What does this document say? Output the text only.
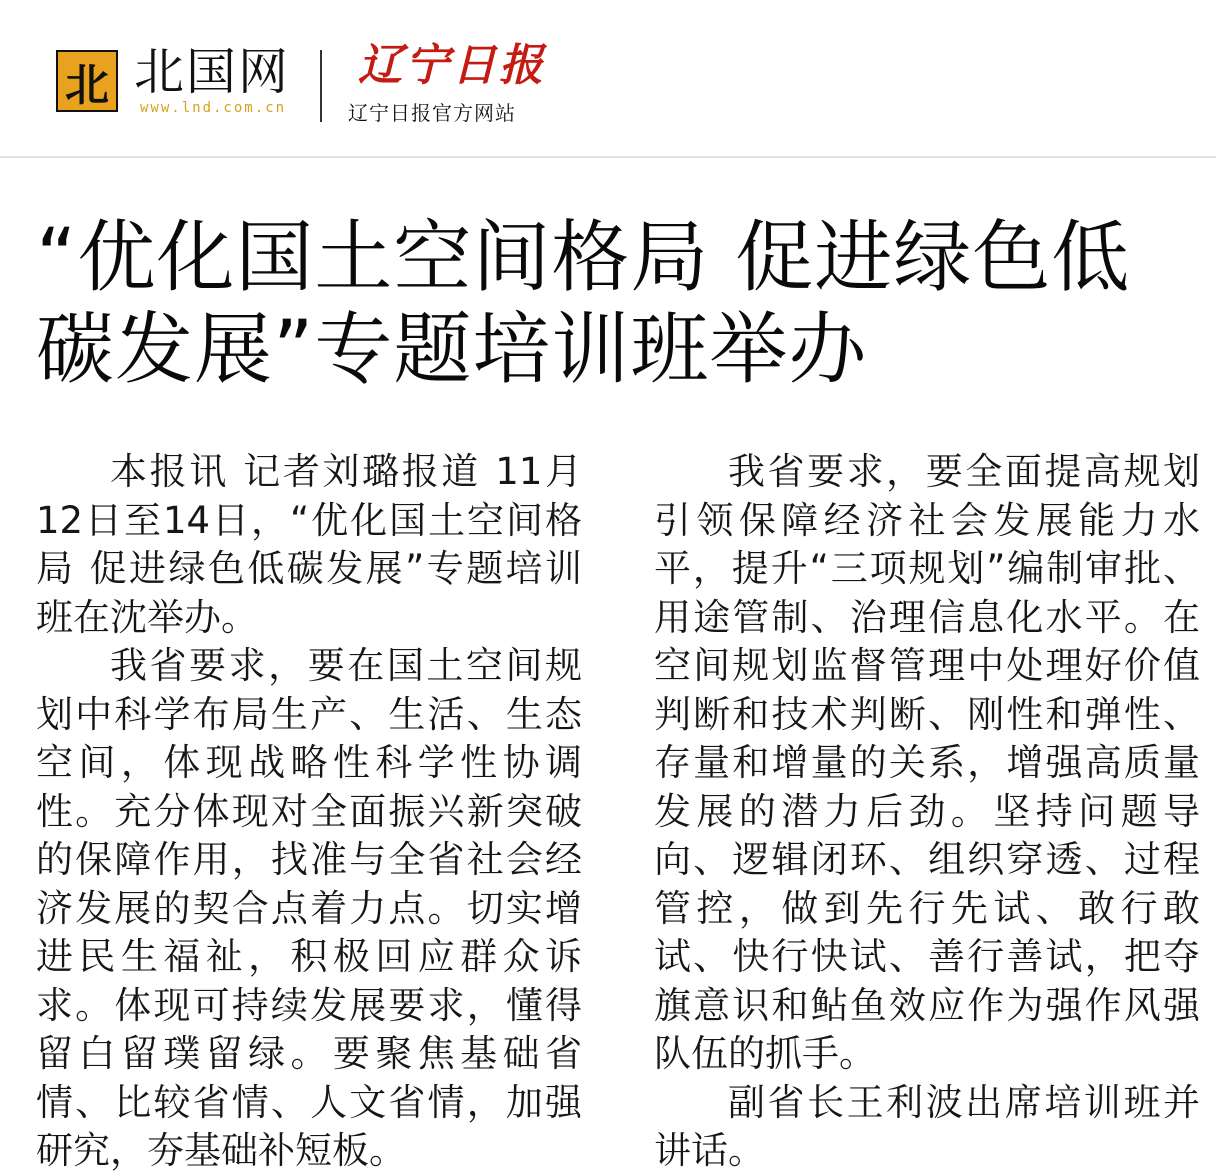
北 北国网
www.lnd.com.cn
辽宁日报
辽宁日报官方网站
“优化国土空间格局 促进绿色低碳发展”专题培训班举办

本报讯 记者刘璐报道 11月12日至14日，“优化国土空间格局 促进绿色低碳发展”专题培训班在沈举办。

我省要求，要在国土空间规划中科学布局生产、生活、生态空间，体现战略性科学性协调性。充分体现对全面振兴新突破的保障作用，找准与全省社会经济发展的契合点着力点。切实增进民生福祉，积极回应群众诉求。体现可持续发展要求，懂得留白留璞留绿。要聚焦基础省情、比较省情、人文省情，加强研究，夯基础补短板。

我省要求，要全面提高规划引领保障经济社会发展能力水平，提升“三项规划”编制审批、用途管制、治理信息化水平。在空间规划监督管理中处理好价值判断和技术判断、刚性和弹性、存量和增量的关系，增强高质量发展的潜力后劲。坚持问题导向、逻辑闭环、组织穿透、过程管控，做到先行先试、敢行敢试、快行快试、善行善试，把夺旗意识和鲇鱼效应作为强作风强队伍的抓手。

副省长王利波出席培训班并讲话。
